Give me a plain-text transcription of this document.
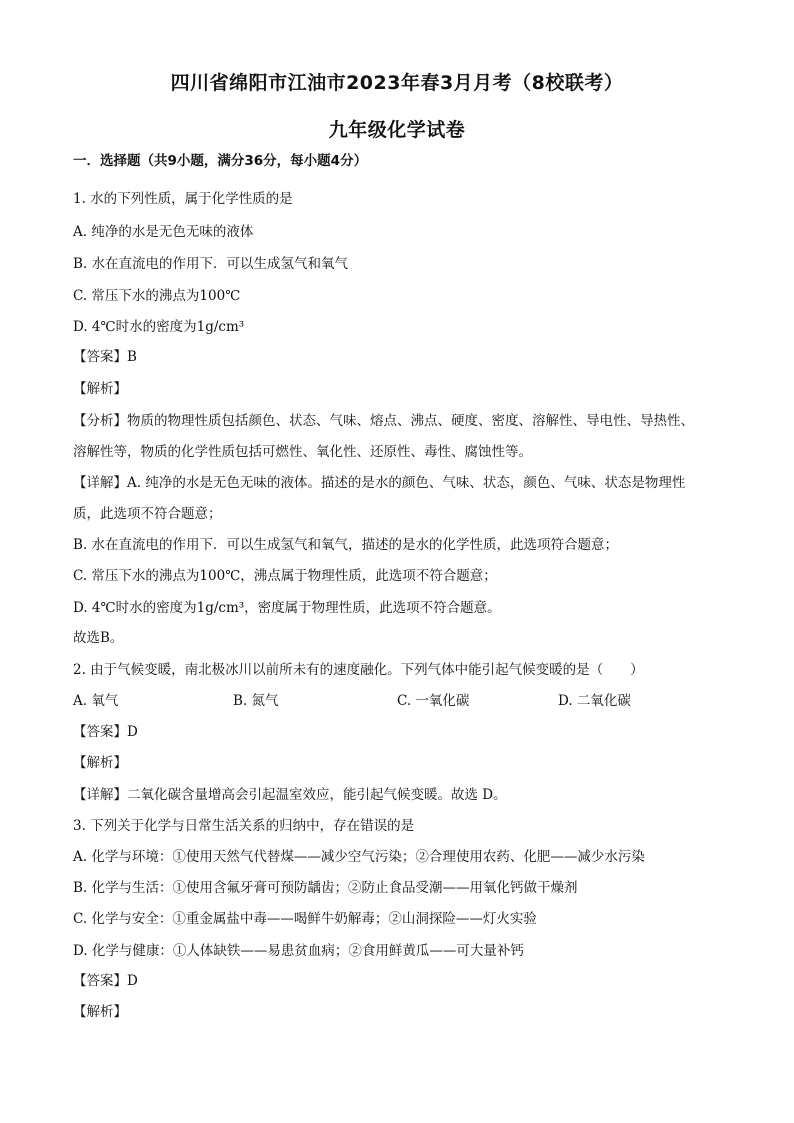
四川省绵阳市江油市2023年春3月月考（8校联考）
九年级化学试卷
一．选择题（共9小题，满分36分，每小题4分）
1. 水的下列性质，属于化学性质的是
A. 纯净的水是无色无味的液体
B. 水在直流电的作用下．可以生成氢气和氧气
C. 常压下水的沸点为100℃
D. 4℃时水的密度为1g/cm³
【答案】B
【解析】
【分析】物质的物理性质包括颜色、状态、气味、熔点、沸点、硬度、密度、溶解性、导电性、导热性、
溶解性等，物质的化学性质包括可燃性、氧化性、还原性、毒性、腐蚀性等。
【详解】A. 纯净的水是无色无味的液体。描述的是水的颜色、气味、状态，颜色、气味、状态是物理性
质，此选项不符合题意；
B. 水在直流电的作用下．可以生成氢气和氧气，描述的是水的化学性质，此选项符合题意；
C. 常压下水的沸点为100℃，沸点属于物理性质，此选项不符合题意；
D. 4℃时水的密度为1g/cm³，密度属于物理性质，此选项不符合题意。
故选B。
2. 由于气候变暖，南北极冰川以前所未有的速度融化。下列气体中能引起气候变暖的是（　　）
A. 氧气	B. 氮气	C. 一氧化碳	D. 二氧化碳
【答案】D
【解析】
【详解】二氧化碳含量增高会引起温室效应，能引起气候变暖。故选 D。
3. 下列关于化学与日常生活关系的归纳中，存在错误的是
A. 化学与环境：①使用天然气代替煤——减少空气污染；②合理使用农药、化肥——减少水污染
B. 化学与生活：①使用含氟牙膏可预防龋齿；②防止食品受潮——用氧化钙做干燥剂
C. 化学与安全：①重金属盐中毒——喝鲜牛奶解毒；②山洞探险——灯火实验
D. 化学与健康：①人体缺铁——易患贫血病；②食用鲜黄瓜——可大量补钙
【答案】D
【解析】
